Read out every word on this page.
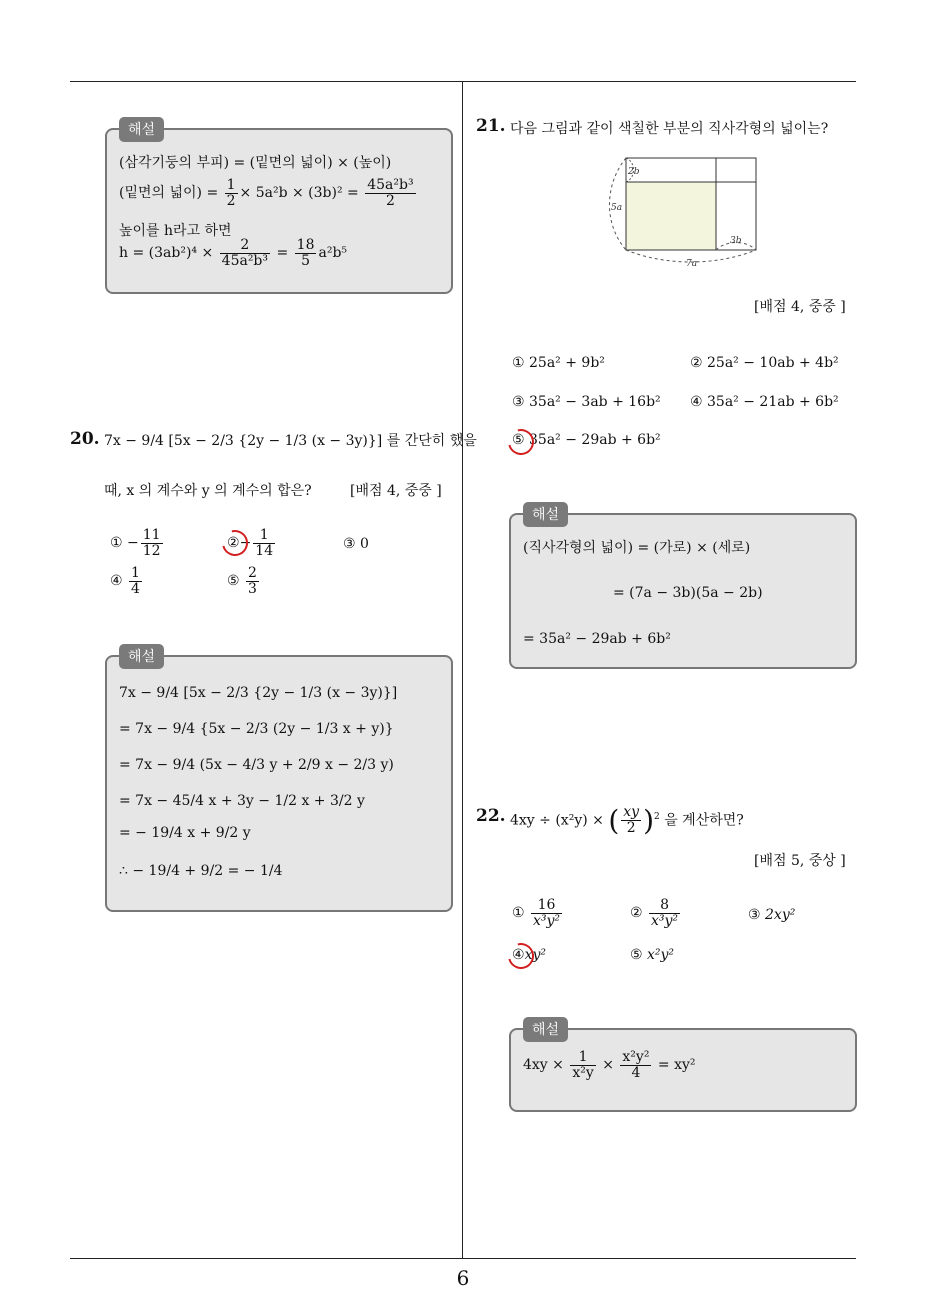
6
(삼각기둥의 부피) = (밑면의 넓이) × (높이)
(밑면의 넓이) = $\frac{1}{2} \times 5a^2b \times (3b)^2 = \frac{\text{45a²b³}}{2}$
높이를 h라고 하면
$h = (3ab^2)^4 \times \frac{2}{\text{45a²b³}} = \frac{18}{5} a^2b^5$
해설
20. 7x − 9/4 [5x − 2/3 {2y − 1/3 (x − 3y)}] 를 간단히 했을
때, x 의 계수와 y 의 계수의 합은?	[배점 4, 중중 ]
① − $\frac{11}{12}$	②− $\frac{1}{14}$	③ 0
④ $\frac{1}{4}$	⑤ $\frac{2}{3}$
7x − 9/4 [5x − 2/3 {2y − 1/3 (x − 3y)}]
= 7x − 9/4 {5x − 2/3 (2y − 1/3 x + y)}
= 7x − 9/4 (5x − 4/3 y + 2/9 x − 2/3 y)
= 7x − 45/4 x + 3y − 1/2 x + 3/2 y
= − 19/4 x + 9/2 y
∴ − 19/4 + 9/2 = − 1/4
해설
21. 다음 그림과 같이 색칠한 부분의 직사각형의 넓이는?
2b
5a
3b
7a
[배점 4, 중중 ]
① 25a² + 9b²	② 25a² − 10ab + 4b²
③ 35a² − 3ab + 16b² ④ 35a² − 21ab + 6b²
⑤ 35a² − 29ab + 6b²
(직사각형의 넓이) = (가로) × (세로)
= (7a − 3b)(5a − 2b)
= 35a² − 29ab + 6b²
해설
22. 4xy ÷ (x²y) × ( $\frac{xy}{2} )^2$ 을 계산하면?
[배점 5, 중상 ]
① $\frac{16}{\text{x³y²}}$	② $\frac{8}{\text{x³y²}}$	③ 2xy²
④xy²	⑤ x²y²
$4xy \times \frac{1}{\text{x²y}} \times \frac{\text{x²y²}}{4} = xy^2$
해설
